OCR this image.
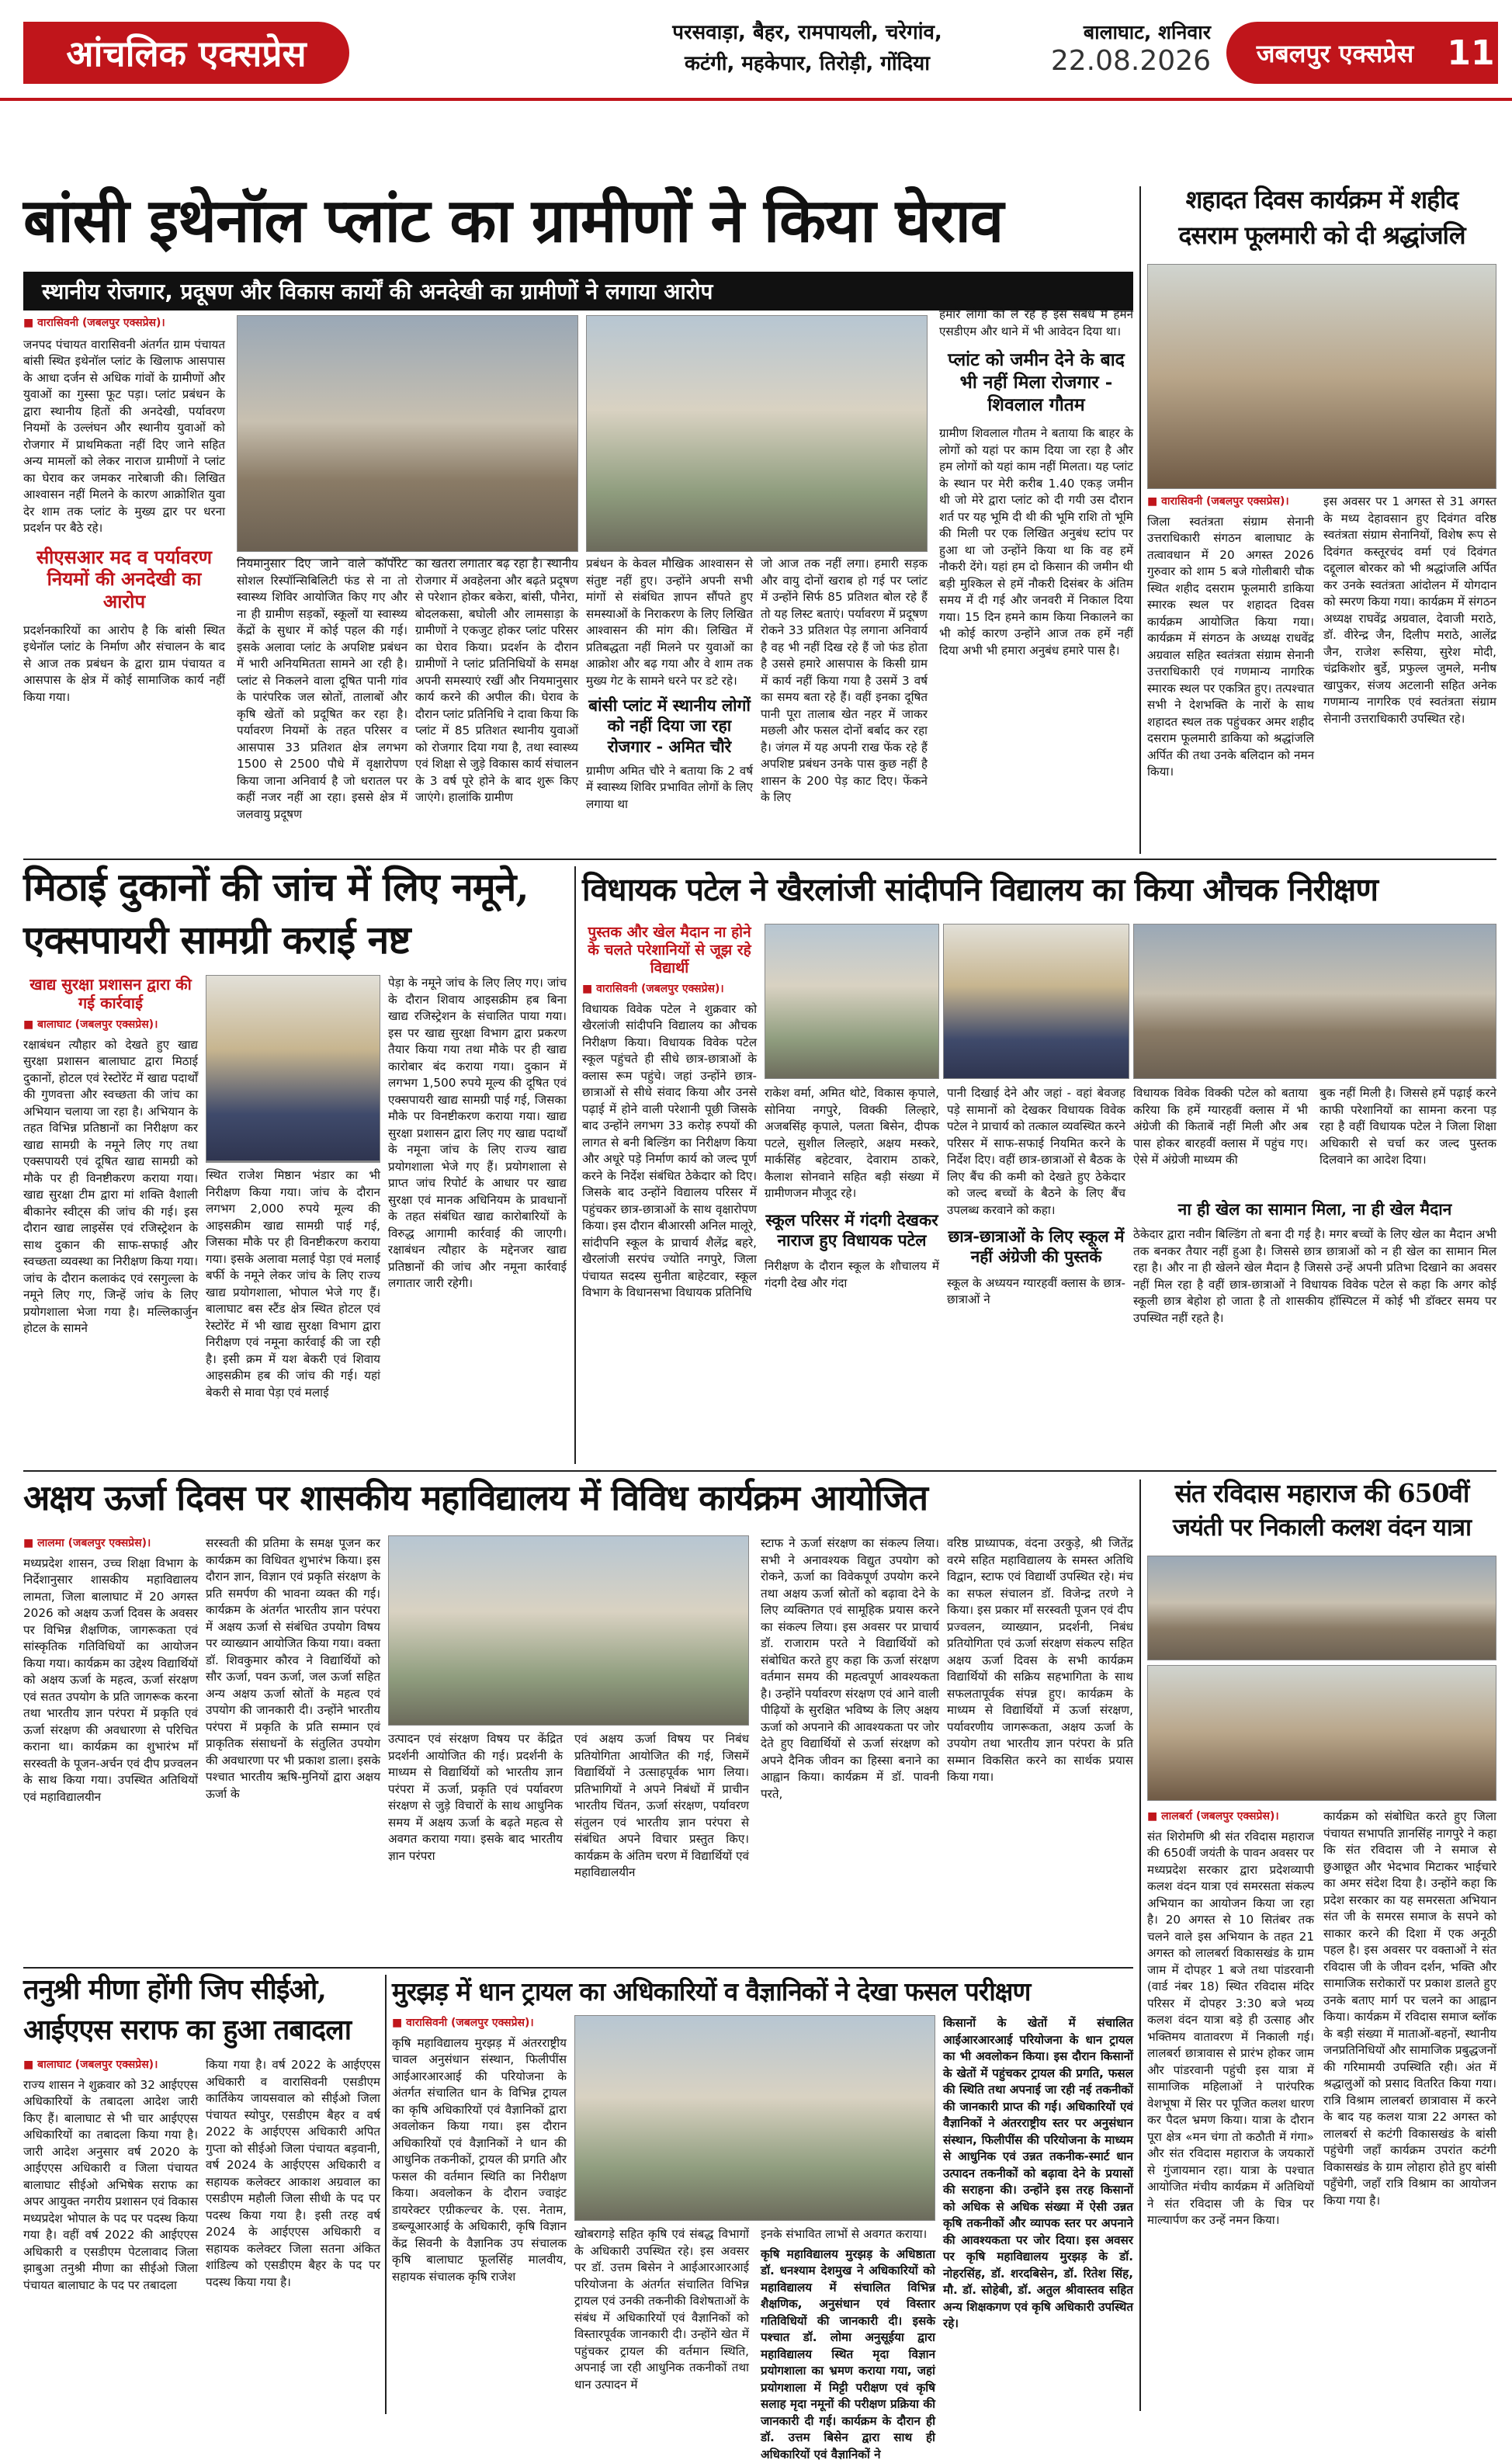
आंचलिक एक्सप्रेस	परसवाड़ा, बैहर, रामपायली, चरेगांव,
कटंगी, महकेपार, तिरोड़ी, गोंदिया
बालाघाट, शनिवार
22.08.2026	जबलपुर एक्सप्रेस 11
बांसी इथेनॉल प्लांट का ग्रामीणों ने किया घेराव
स्थानीय रोजगार, प्रदूषण और विकास कार्यों की अनदेखी का ग्रामीणों ने लगाया आरोप
■ वारासिवनी (जबलपुर एक्सप्रेस)।
जनपद पंचायत वारासिवनी अंतर्गत ग्राम पंचायत बांसी स्थित इथेनॉल प्लांट के खिलाफ आसपास के आधा दर्जन से अधिक गांवों के ग्रामीणों और युवाओं का गुस्सा फूट पड़ा। प्लांट प्रबंधन के द्वारा स्थानीय हितों की अनदेखी, पर्यावरण नियमों के उल्लंघन और स्थानीय युवाओं को रोजगार में प्राथमिकता नहीं दिए जाने सहित अन्य मामलों को लेकर नाराज ग्रामीणों ने प्लांट का घेराव कर जमकर नारेबाजी की। लिखित आश्वासन नहीं मिलने के कारण आक्रोशित युवा देर शाम तक प्लांट के मुख्य द्वार पर धरना प्रदर्शन पर बैठे रहे।
सीएसआर मद व पर्यावरण नियमों की अनदेखी का आरोप
प्रदर्शनकारियों का आरोप है कि बांसी स्थित इथेनॉल प्लांट के निर्माण और संचालन के बाद से आज तक प्रबंधन के द्वारा ग्राम पंचायत व आसपास के क्षेत्र में कोई सामाजिक कार्य नहीं किया गया।
नियमानुसार दिए जाने वाले कॉर्पोरेट सोशल रिस्पॉन्सिबिलिटी फंड से ना तो स्वास्थ्य शिविर आयोजित किए गए और ना ही ग्रामीण सड़कों, स्कूलों या स्वास्थ्य केंद्रों के सुधार में कोई पहल की गई। इसके अलावा प्लांट के अपशिष्ट प्रबंधन में भारी अनियमितता सामने आ रही है। प्लांट से निकलने वाला दूषित पानी गांव के पारंपरिक जल स्रोतों, तालाबों और कृषि खेतों को प्रदूषित कर रहा है। पर्यावरण नियमों के तहत परिसर व आसपास 33 प्रतिशत क्षेत्र लगभग 1500 से 2500 पौधे में वृक्षारोपण किया जाना अनिवार्य है जो धरातल पर कहीं नजर नहीं आ रहा। इससे क्षेत्र में जलवायु प्रदूषण
का खतरा लगातार बढ़ रहा है। स्थानीय रोजगार में अवहेलना और बढ़ते प्रदूषण से परेशान होकर बकेरा, बांसी, पौनेरा, बोदलकसा, बघोली और लामसाड़ा के ग्रामीणों ने एकजुट होकर प्लांट परिसर का घेराव किया। प्रदर्शन के दौरान ग्रामीणों ने प्लांट प्रतिनिधियों के समक्ष अपनी समस्याएं रखीं और नियमानुसार कार्य करने की अपील की। घेराव के दौरान प्लांट प्रतिनिधि ने दावा किया कि प्लांट में 85 प्रतिशत स्थानीय युवाओं को रोजगार दिया गया है, तथा स्वास्थ्य एवं शिक्षा से जुड़े विकास कार्य संचालन के 3 वर्ष पूरे होने के बाद शुरू किए जाएंगे। हालांकि ग्रामीण
प्रबंधन के केवल मौखिक आश्वासन से संतुष्ट नहीं हुए। उन्होंने अपनी सभी मांगों से संबंधित ज्ञापन सौंपते हुए समस्याओं के निराकरण के लिए लिखित आश्वासन की मांग की। लिखित में प्रतिबद्धता नहीं मिलने पर युवाओं का आक्रोश और बढ़ गया और वे शाम तक मुख्य गेट के सामने धरने पर डटे रहे।
बांसी प्लांट में स्थानीय लोगों को नहीं दिया जा रहा रोजगार - अमित चौरे
ग्रामीण अमित चौरे ने बताया कि 2 वर्ष में स्वास्थ्य शिविर प्रभावित लोगों के लिए लगाया था
जो आज तक नहीं लगा। हमारी सड़क और वायु दोनों खराब हो गई पर प्लांट में उन्होंने सिर्फ 85 प्रतिशत बोल रहे हैं तो यह लिस्ट बताएं। पर्यावरण में प्रदूषण रोकने 33 प्रतिशत पेड़ लगाना अनिवार्य है वह भी नहीं दिख रहे हैं जो फंड होता है उससे हमारे आसपास के किसी ग्राम में कार्य नहीं किया गया है उसमें 3 वर्ष का समय बता रहे हैं। वहीं इनका दूषित पानी पूरा तालाब खेत नहर में जाकर मछली और फसल दोनों बर्बाद कर रहा है। जंगल में यह अपनी राख फेंक रहे हैं अपशिष्ट प्रबंधन उनके पास कुछ नहीं है शासन के 200 पेड़ काट दिए। फेंकने के लिए
हमारे लोगों को ले रहे हैं इस संबंध में हमने एसडीएम और थाने में भी आवेदन दिया था।
प्लांट को जमीन देने के बाद भी नहीं मिला रोजगार - शिवलाल गौतम
ग्रामीण शिवलाल गौतम ने बताया कि बाहर के लोगों को यहां पर काम दिया जा रहा है और हम लोगों को यहां काम नहीं मिलता। यह प्लांट के स्थान पर मेरी करीब 1.40 एकड़ जमीन थी जो मेरे द्वारा प्लांट को दी गयी उस दौरान शर्त पर यह भूमि दी थी की भूमि राशि तो भूमि की मिली पर एक लिखित अनुबंध स्टांप पर हुआ था जो उन्होंने किया था कि वह हमें नौकरी देंगे। यहां हम दो किसान की जमीन थी बड़ी मुश्किल से हमें नौकरी दिसंबर के अंतिम समय में दी गई और जनवरी में निकाल दिया गया। 15 दिन हमने काम किया निकालने का भी कोई कारण उन्होंने आज तक हमें नहीं दिया अभी भी हमारा अनुबंध हमारे पास है।
शहादत दिवस कार्यक्रम में शहीद
दसराम फूलमारी को दी श्रद्धांजलि
■ वारासिवनी (जबलपुर एक्सप्रेस)।
जिला स्वतंत्रता संग्राम सेनानी उत्तराधिकारी संगठन बालाघाट के तत्वावधान में 20 अगस्त 2026 गुरुवार को शाम 5 बजे गोलीबारी चौक स्थित शहीद दसराम फूलमारी डाकिया स्मारक स्थल पर शहादत दिवस कार्यक्रम आयोजित किया गया। कार्यक्रम में संगठन के अध्यक्ष राधवेंद्र अग्रवाल सहित स्वतंत्रता संग्राम सेनानी उत्तराधिकारी एवं गणमान्य नागरिक स्मारक स्थल पर एकत्रित हुए। तत्पश्चात सभी ने देशभक्ति के नारों के साथ शहादत स्थल तक पहुंचकर अमर शहीद दसराम फूलमारी डाकिया को श्रद्धांजलि अर्पित की तथा उनके बलिदान को नमन किया।
इस अवसर पर 1 अगस्त से 31 अगस्त के मध्य देहावसान हुए दिवंगत वरिष्ठ स्वतंत्रता संग्राम सेनानियों, विशेष रूप से दिवंगत कस्तूरचंद वर्मा एवं दिवंगत दद्दूलाल बोरकर को भी श्रद्धांजलि अर्पित कर उनके स्वतंत्रता आंदोलन में योगदान को स्मरण किया गया। कार्यक्रम में संगठन अध्यक्ष राघवेंद्र अग्रवाल, देवाजी मराठे, डॉ. वीरेन्द्र जैन, दिलीप मराठे, आलेंद्र जैन, राजेश रूसिया, सुरेश मोदी, चंद्रकिशोर बुर्डे, प्रफुल्ल जुमले, मनीष खापुकर, संजय अटलानी सहित अनेक गणमान्य नागरिक एवं स्वतंत्रता संग्राम सेनानी उत्तराधिकारी उपस्थित रहे।
मिठाई दुकानों की जांच में लिए नमूने,
एक्सपायरी सामग्री कराई नष्ट
खाद्य सुरक्षा प्रशासन द्वारा की गई कार्रवाई
■ बालाघाट (जबलपुर एक्सप्रेस)।
रक्षाबंधन त्यौहार को देखते हुए खाद्य सुरक्षा प्रशासन बालाघाट द्वारा मिठाई दुकानों, होटल एवं रेस्टोरेंट में खाद्य पदार्थों की गुणवत्ता और स्वच्छता की जांच का अभियान चलाया जा रहा है। अभियान के तहत विभिन्न प्रतिष्ठानों का निरीक्षण कर खाद्य सामग्री के नमूने लिए गए तथा एक्सपायरी एवं दूषित खाद्य सामग्री को मौके पर ही विनष्टीकरण कराया गया। खाद्य सुरक्षा टीम द्वारा मां शक्ति वैशाली बीकानेर स्वीट्स की जांच की गई। इस दौरान खाद्य लाइसेंस एवं रजिस्ट्रेशन के साथ दुकान की साफ-सफाई और स्वच्छता व्यवस्था का निरीक्षण किया गया। जांच के दौरान कलाकंद एवं रसगुल्ला के नमूने लिए गए, जिन्हें जांच के लिए प्रयोगशाला भेजा गया है। मल्लिकार्जुन होटल के सामने
स्थित राजेश मिष्ठान भंडार का भी निरीक्षण किया गया। जांच के दौरान लगभग 2,000 रुपये मूल्य की आइसक्रीम खाद्य सामग्री पाई गई, जिसका मौके पर ही विनष्टीकरण कराया गया। इसके अलावा मलाई पेड़ा एवं मलाई बर्फी के नमूने लेकर जांच के लिए राज्य खाद्य प्रयोगशाला, भोपाल भेजे गए हैं। बालाघाट बस स्टैंड क्षेत्र स्थित होटल एवं रेस्टोरेंट में भी खाद्य सुरक्षा विभाग द्वारा निरीक्षण एवं नमूना कार्रवाई की जा रही है। इसी क्रम में यश बेकरी एवं शिवाय आइसक्रीम हब की जांच की गई। यहां बेकरी से मावा पेड़ा एवं मलाई
पेड़ा के नमूने जांच के लिए लिए गए। जांच के दौरान शिवाय आइसक्रीम हब बिना खाद्य रजिस्ट्रेशन के संचालित पाया गया। इस पर खाद्य सुरक्षा विभाग द्वारा प्रकरण तैयार किया गया तथा मौके पर ही खाद्य कारोबार बंद कराया गया। दुकान में लगभग 1,500 रुपये मूल्य की दूषित एवं एक्सपायरी खाद्य सामग्री पाई गई, जिसका मौके पर विनष्टीकरण कराया गया। खाद्य सुरक्षा प्रशासन द्वारा लिए गए खाद्य पदार्थों के नमूना जांच के लिए राज्य खाद्य प्रयोगशाला भेजे गए हैं। प्रयोगशाला से प्राप्त जांच रिपोर्ट के आधार पर खाद्य सुरक्षा एवं मानक अधिनियम के प्रावधानों के तहत संबंधित खाद्य कारोबारियों के विरुद्ध आगामी कार्रवाई की जाएगी। रक्षाबंधन त्यौहार के मद्देनजर खाद्य प्रतिष्ठानों की जांच और नमूना कार्रवाई लगातार जारी रहेगी।
विधायक पटेल ने खैरलांजी सांदीपनि विद्यालय का किया औचक निरीक्षण
पुस्तक और खेल मैदान ना होने के चलते परेशानियों से जूझ रहे विद्यार्थी
■ वारासिवनी (जबलपुर एक्सप्रेस)।
विधायक विवेक पटेल ने शुक्रवार को खैरलांजी सांदीपनि विद्यालय का औचक निरीक्षण किया। विधायक विवेक पटेल स्कूल पहुंचते ही सीधे छात्र-छात्राओं के क्लास रूम पहुंचे। जहां उन्होंने छात्र-छात्राओं से सीधे संवाद किया और उनसे पढ़ाई में होने वाली परेशानी पूछी जिसके बाद उन्होंने लगभग 33 करोड़ रुपयों की लागत से बनी बिल्डिंग का निरीक्षण किया और अधूरे पड़े निर्माण कार्य को जल्द पूर्ण करने के निर्देश संबंधित ठेकेदार को दिए। जिसके बाद उन्होंने विद्यालय परिसर में पहुंचकर छात्र-छात्राओं के साथ वृक्षारोपण किया। इस दौरान बीआरसी अनिल मालूरे, सांदीपनि स्कूल के प्राचार्य शैलेंद्र बहरे, खैरलांजी सरपंच ज्योति नगपुरे, जिला पंचायत सदस्य सुनीता बाहेटवार, स्कूल विभाग के विधानसभा विधायक प्रतिनिधि
राकेश वर्मा, अमित थोटे, विकास कृपाले, सोनिया नगपुरे, विक्की लिल्हारे, अजबसिंह कृपाले, पलता बिसेन, दीपक पटले, सुशील लिल्हारे, अक्षय मस्करे, मार्कसिंह बहेटवार, देवाराम ठाकरे, कैलाश सोनवाने सहित बड़ी संख्या में ग्रामीणजन मौजूद रहे।
स्कूल परिसर में गंदगी देखकर नाराज हुए विधायक पटेल
निरीक्षण के दौरान स्कूल के शौचालय में गंदगी देख और गंदा
पानी दिखाई देने और जहां - वहां बेवजह पड़े सामानों को देखकर विधायक विवेक पटेल ने प्राचार्य को तत्काल व्यवस्थित करने परिसर में साफ-सफाई नियमित करने के निर्देश दिए। वहीं छात्र-छात्राओं से बैठक के लिए बैंच की कमी को देखते हुए ठेकेदार को जल्द बच्चों के बैठने के लिए बैंच उपलब्ध करवाने को कहा।
छात्र-छात्राओं के लिए स्कूल में नहीं अंग्रेजी की पुस्तकें
स्कूल के अध्ययन ग्यारहवीं क्लास के छात्र-छात्राओं ने
विधायक विवेक विक्की पटेल को बताया करिया कि हमें ग्यारहवीं क्लास में भी अंग्रेजी की किताबें नहीं मिली और अब पास होकर बारहवीं क्लास में पहुंच गए। ऐसे में अंग्रेजी माध्यम की
बुक नहीं मिली है। जिससे हमें पढ़ाई करने काफी परेशानियों का सामना करना पड़ रहा है वहीं विधायक पटेल ने जिला शिक्षा अधिकारी से चर्चा कर जल्द पुस्तक दिलवाने का आदेश दिया।
ना ही खेल का सामान मिला, ना ही खेल मैदान
ठेकेदार द्वारा नवीन बिल्डिंग तो बना दी गई है। मगर बच्चों के लिए खेल का मैदान अभी तक बनकर तैयार नहीं हुआ है। जिससे छात्र छात्राओं को न ही खेल का सामान मिल रहा है। और ना ही खेलने खेल मैदान है जिससे उन्हें अपनी प्रतिभा दिखाने का अवसर नहीं मिल रहा है वहीं छात्र-छात्राओं ने विधायक विवेक पटेल से कहा कि अगर कोई स्कूली छात्र बेहोश हो जाता है तो शासकीय हॉस्पिटल में कोई भी डॉक्टर समय पर उपस्थित नहीं रहते है।
अक्षय ऊर्जा दिवस पर शासकीय महाविद्यालय में विविध कार्यक्रम आयोजित
■ लालमा (जबलपुर एक्सप्रेस)।
मध्यप्रदेश शासन, उच्च शिक्षा विभाग के निर्देशानुसार शासकीय महाविद्यालय लामता, जिला बालाघाट में 20 अगस्त 2026 को अक्षय ऊर्जा दिवस के अवसर पर विभिन्न शैक्षणिक, जागरूकता एवं सांस्कृतिक गतिविधियों का आयोजन किया गया। कार्यक्रम का उद्देश्य विद्यार्थियों को अक्षय ऊर्जा के महत्व, ऊर्जा संरक्षण एवं सतत उपयोग के प्रति जागरूक करना तथा भारतीय ज्ञान परंपरा में प्रकृति एवं ऊर्जा संरक्षण की अवधारणा से परिचित कराना था। कार्यक्रम का शुभारंभ माँ सरस्वती के पूजन-अर्चन एवं दीप प्रज्वलन के साथ किया गया। उपस्थित अतिथियों एवं महाविद्यालयीन
सरस्वती की प्रतिमा के समक्ष पूजन कर कार्यक्रम का विधिवत शुभारंभ किया। इस दौरान ज्ञान, विज्ञान एवं प्रकृति संरक्षण के प्रति समर्पण की भावना व्यक्त की गई। कार्यक्रम के अंतर्गत भारतीय ज्ञान परंपरा में अक्षय ऊर्जा से संबंधित उपयोग विषय पर व्याख्यान आयोजित किया गया। वक्ता डॉ. शिवकुमार कौरव ने विद्यार्थियों को सौर ऊर्जा, पवन ऊर्जा, जल ऊर्जा सहित अन्य अक्षय ऊर्जा स्रोतों के महत्व एवं उपयोग की जानकारी दी। उन्होंने भारतीय परंपरा में प्रकृति के प्रति सम्मान एवं प्राकृतिक संसाधनों के संतुलित उपयोग की अवधारणा पर भी प्रकाश डाला। इसके पश्चात भारतीय ऋषि-मुनियों द्वारा अक्षय ऊर्जा के
उत्पादन एवं संरक्षण विषय पर केंद्रित प्रदर्शनी आयोजित की गई। प्रदर्शनी के माध्यम से विद्यार्थियों को भारतीय ज्ञान परंपरा में ऊर्जा, प्रकृति एवं पर्यावरण संरक्षण से जुड़े विचारों के साथ आधुनिक समय में अक्षय ऊर्जा के बढ़ते महत्व से अवगत कराया गया। इसके बाद भारतीय ज्ञान परंपरा
एवं अक्षय ऊर्जा विषय पर निबंध प्रतियोगिता आयोजित की गई, जिसमें विद्यार्थियों ने उत्साहपूर्वक भाग लिया। प्रतिभागियों ने अपने निबंधों में प्राचीन भारतीय चिंतन, ऊर्जा संरक्षण, पर्यावरण संतुलन एवं भारतीय ज्ञान परंपरा से संबंधित अपने विचार प्रस्तुत किए। कार्यक्रम के अंतिम चरण में विद्यार्थियों एवं महाविद्यालयीन
स्टाफ ने ऊर्जा संरक्षण का संकल्प लिया। सभी ने अनावश्यक विद्युत उपयोग को रोकने, ऊर्जा का विवेकपूर्ण उपयोग करने तथा अक्षय ऊर्जा स्रोतों को बढ़ावा देने के लिए व्यक्तिगत एवं सामूहिक प्रयास करने का संकल्प लिया। इस अवसर पर प्राचार्य डॉ. राजाराम परते ने विद्यार्थियों को संबोधित करते हुए कहा कि ऊर्जा संरक्षण वर्तमान समय की महत्वपूर्ण आवश्यकता है। उन्होंने पर्यावरण संरक्षण एवं आने वाली पीढ़ियों के सुरक्षित भविष्य के लिए अक्षय ऊर्जा को अपनाने की आवश्यकता पर जोर देते हुए विद्यार्थियों से ऊर्जा संरक्षण को अपने दैनिक जीवन का हिस्सा बनाने का आह्वान किया। कार्यक्रम में डॉ. पावनी परते,
वरिष्ठ प्राध्यापक, वंदना उरकुड़े, श्री जितेंद्र वरमे सहित महाविद्यालय के समस्त अतिथि विद्वान, स्टाफ एवं विद्यार्थी उपस्थित रहे। मंच का सफल संचालन डॉ. विजेन्द्र तरणे ने किया। इस प्रकार माँ सरस्वती पूजन एवं दीप प्रज्वलन, व्याख्यान, प्रदर्शनी, निबंध प्रतियोगिता एवं ऊर्जा संरक्षण संकल्प सहित अक्षय ऊर्जा दिवस के सभी कार्यक्रम विद्यार्थियों की सक्रिय सहभागिता के साथ सफलतापूर्वक संपन्न हुए। कार्यक्रम के माध्यम से विद्यार्थियों में ऊर्जा संरक्षण, पर्यावरणीय जागरूकता, अक्षय ऊर्जा के उपयोग तथा भारतीय ज्ञान परंपरा के प्रति सम्मान विकसित करने का सार्थक प्रयास किया गया।
संत रविदास महाराज की 650वीं
जयंती पर निकाली कलश वंदन यात्रा
■ लालबर्रा (जबलपुर एक्सप्रेस)।
संत शिरोमणि श्री संत रविदास महाराज की 650वीं जयंती के पावन अवसर पर मध्यप्रदेश सरकार द्वारा प्रदेशव्यापी कलश वंदन यात्रा एवं समरसता संकल्प अभियान का आयोजन किया जा रहा है। 20 अगस्त से 10 सितंबर तक चलने वाले इस अभियान के तहत 21 अगस्त को लालबर्रा विकासखंड के ग्राम जाम में दोपहर 1 बजे तथा पांडरवानी (वार्ड नंबर 18) स्थित रविदास मंदिर परिसर में दोपहर 3:30 बजे भव्य कलश वंदन यात्रा बड़े ही उत्साह और भक्तिमय वातावरण में निकाली गई। लालबर्रा छात्रावास से प्रारंभ होकर जाम और पांडरवानी पहुंची इस यात्रा में सामाजिक महिलाओं ने पारंपरिक वेशभूषा में सिर पर पूजित कलश धारण कर पैदल भ्रमण किया। यात्रा के दौरान पूरा क्षेत्र «मन चंगा तो कठौती में गंगा» और संत रविदास महाराज के जयकारों से गुंजायमान रहा। यात्रा के पश्चात आयोजित मंचीय कार्यक्रम में अतिथियों ने संत रविदास जी के चित्र पर माल्यार्पण कर उन्हें नमन किया।
कार्यक्रम को संबोधित करते हुए जिला पंचायत सभापति ज्ञानसिंह नागपुरे ने कहा कि संत रविदास जी ने समाज से छुआछूत और भेदभाव मिटाकर भाईचारे का अमर संदेश दिया है। उन्होंने कहा कि प्रदेश सरकार का यह समरसता अभियान संत जी के समरस समाज के सपने को साकार करने की दिशा में एक अनूठी पहल है। इस अवसर पर वक्ताओं ने संत रविदास जी के जीवन दर्शन, भक्ति और सामाजिक सरोकारों पर प्रकाश डालते हुए उनके बताए मार्ग पर चलने का आह्वान किया। कार्यक्रम में रविदास समाज ब्लॉक के बड़ी संख्या में माताओं-बहनों, स्थानीय जनप्रतिनिधियों और सामाजिक प्रबुद्धजनों की गरिमामयी उपस्थिति रही। अंत में श्रद्धालुओं को प्रसाद वितरित किया गया। रात्रि विश्राम लालबर्रा छात्रावास में करने के बाद यह कलश यात्रा 22 अगस्त को लालबर्रा से कटंगी विकासखंड के बांसी पहुंचेगी जहाँ कार्यक्रम उपरांत कटंगी विकासखंड के ग्राम लोहारा होते हुए बांसी पहुँचेगी, जहाँ रात्रि विश्राम का आयोजन किया गया है।
तनुश्री मीणा होंगी जिप सीईओ,
आईएएस सराफ का हुआ तबादला
■ बालाघाट (जबलपुर एक्सप्रेस)।
राज्य शासन ने शुक्रवार को 32 आईएएस अधिकारियों के तबादला आदेश जारी किए हैं। बालाघाट से भी चार आईएएस अधिकारियों का तबादला किया गया है। जारी आदेश अनुसार वर्ष 2020 के आईएएस अधिकारी व जिला पंचायत बालाघाट सीईओ अभिषेक सराफ का अपर आयुक्त नगरीय प्रशासन एवं विकास मध्यप्रदेश भोपाल के पद पर पदस्थ किया गया है। वहीं वर्ष 2022 की आईएएस अधिकारी व एसडीएम पेटलावाद जिला झाबुआ तनुश्री मीणा का सीईओ जिला पंचायत बालाघाट के पद पर तबादला
किया गया है। वर्ष 2022 के आईएएस अधिकारी व वारासिवनी एसडीएम कार्तिकेय जायसवाल को सीईओ जिला पंचायत स्योपुर, एसडीएम बैहर व वर्ष 2022 के आईएएस अधिकारी अपित गुप्ता को सीईओ जिला पंचायत बड़वानी, वर्ष 2024 के आईएएस अधिकारी व सहायक कलेक्टर आकाश अग्रवाल का एसडीएम महौली जिला सीधी के पद पर पदस्थ किया गया है। इसी तरह वर्ष 2024 के आईएएस अधिकारी व सहायक कलेक्टर जिला सतना अंकित शांडिल्य को एसडीएम बैहर के पद पर पदस्थ किया गया है।
मुरझड़ में धान ट्रायल का अधिकारियों व वैज्ञानिकों ने देखा फसल परीक्षण
■ वारासिवनी (जबलपुर एक्सप्रेस)।
कृषि महाविद्यालय मुरझड़ में अंतरराष्ट्रीय चावल अनुसंधान संस्थान, फिलीपींस आईआरआरआई की परियोजना के अंतर्गत संचालित धान के विभिन्न ट्रायल का कृषि अधिकारियों एवं वैज्ञानिकों द्वारा अवलोकन किया गया। इस दौरान अधिकारियों एवं वैज्ञानिकों ने धान की आधुनिक तकनीकों, ट्रायल की प्रगति और फसल की वर्तमान स्थिति का निरीक्षण किया। अवलोकन के दौरान ज्वाइंट डायरेक्टर एग्रीकल्चर के. एस. नेताम, डब्ल्यूआरआई के अधिकारी, कृषि विज्ञान केंद्र सिवनी के वैज्ञानिक उप संचालक कृषि बालाघाट फूलसिंह मालवीय, सहायक संचालक कृषि राजेश
खोबरागड़े सहित कृषि एवं संबद्ध विभागों के अधिकारी उपस्थित रहे। इस अवसर पर डॉ. उत्तम बिसेन ने आईआरआरआई परियोजना के अंतर्गत संचालित विभिन्न ट्रायल एवं उनकी तकनीकी विशेषताओं के संबंध में अधिकारियों एवं वैज्ञानिकों को विस्तारपूर्वक जानकारी दी। उन्होंने खेत में पहुंचकर ट्रायल की वर्तमान स्थिति, अपनाई जा रही आधुनिक तकनीकों तथा धान उत्पादन में
इनके संभावित लाभों से अवगत कराया।
कृषि महाविद्यालय मुरझड़ के अधिष्ठाता डॉ. धनश्याम देशमुख ने अधिकारियों को महाविद्यालय में संचालित विभिन्न शैक्षणिक, अनुसंधान एवं विस्तार गतिविधियों की जानकारी दी। इसके पश्चात डॉ. लोमा अनुसूईया द्वारा महाविद्यालय स्थित मृदा विज्ञान प्रयोगशाला का भ्रमण कराया गया, जहां प्रयोगशाला में मिट्टी परीक्षण एवं कृषि सलाह मृदा नमूनों की परीक्षण प्रक्रिया की जानकारी दी गई। कार्यक्रम के दौरान ही डॉ. उत्तम बिसेन द्वारा साथ ही अधिकारियों एवं वैज्ञानिकों ने
किसानों के खेतों में संचालित आईआरआरआई परियोजना के धान ट्रायल का भी अवलोकन किया। इस दौरान किसानों के खेतों में पहुंचकर ट्रायल की प्रगति, फसल की स्थिति तथा अपनाई जा रही नई तकनीकों की जानकारी प्राप्त की गई। अधिकारियों एवं वैज्ञानिकों ने अंतरराष्ट्रीय स्तर पर अनुसंधान संस्थान, फिलीपींस की परियोजना के माध्यम से आधुनिक एवं उन्नत तकनीक-स्मार्ट धान उत्पादन तकनीकों को बढ़ावा देने के प्रयासों की सराहना की। उन्होंने इस तरह किसानों को अधिक से अधिक संख्या में ऐसी उन्नत कृषि तकनीकों और व्यापक स्तर पर अपनाने की आवश्यकता पर जोर दिया। इस अवसर पर कृषि महाविद्यालय मुरझड़ के डॉ. नोहरसिंह, डॉ. शरदबिसेन, डॉ. रितेश सिंह, मौ. डॉ. सोहेबी, डॉ. अतुल श्रीवास्तव सहित अन्य शिक्षकगण एवं कृषि अधिकारी उपस्थित रहे।
